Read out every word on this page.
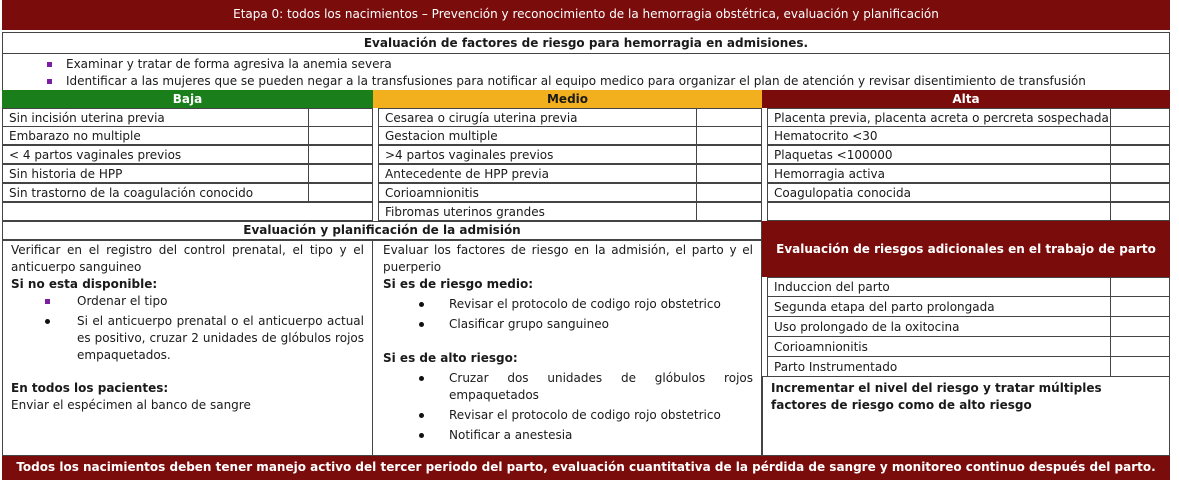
Etapa 0: todos los nacimientos – Prevención y reconocimiento de la hemorragia obstétrica, evaluación y planificación
Evaluación de factores de riesgo para hemorragia en admisiones.
Examinar y tratar de forma agresiva la anemia severa
Identificar a las mujeres que se pueden negar a la transfusiones para notificar al equipo medico para organizar el plan de atención y revisar disentimiento de transfusión
Baja	Medio	Alta
Sin incisión uterina previa
Embarazo no multiple
< 4 partos vaginales previos
Sin historia de HPP
Sin trastorno de la coagulación conocido
Cesarea o cirugía uterina previa
Gestacion multiple
>4 partos vaginales previos
Antecedente de HPP previa
Corioamnionitis
Fibromas uterinos grandes
Placenta previa, placenta acreta o percreta sospechada
Hematocrito <30
Plaquetas <100000
Hemorragia activa
Coagulopatia conocida
Evaluación y planificación de la admisión
Verificar en el registro del control prenatal, el tipo y el anticuerpo sanguineo
Si no esta disponible:
Ordenar el tipo
Si el anticuerpo prenatal o el anticuerpo actual es positivo, cruzar 2 unidades de glóbulos rojos empaquetados.
En todos los pacientes:
Enviar el espécimen al banco de sangre
Evaluar los factores de riesgo en la admisión, el parto y el puerperio
Si es de riesgo medio:
Revisar el protocolo de codigo rojo obstetrico
Clasificar grupo sanguineo
Si es de alto riesgo:
Cruzar dos unidades de glóbulos rojos empaquetados
Revisar el protocolo de codigo rojo obstetrico
Notificar a anestesia
Evaluación de riesgos adicionales en el trabajo de parto
Induccion del parto
Segunda etapa del parto prolongada
Uso prolongado de la oxitocina
Corioamnionitis
Parto Instrumentado
Incrementar el nivel del riesgo y tratar múltiples factores de riesgo como de alto riesgo
Todos los nacimientos deben tener manejo activo del tercer periodo del parto, evaluación cuantitativa de la pérdida de sangre y monitoreo continuo después del parto.
